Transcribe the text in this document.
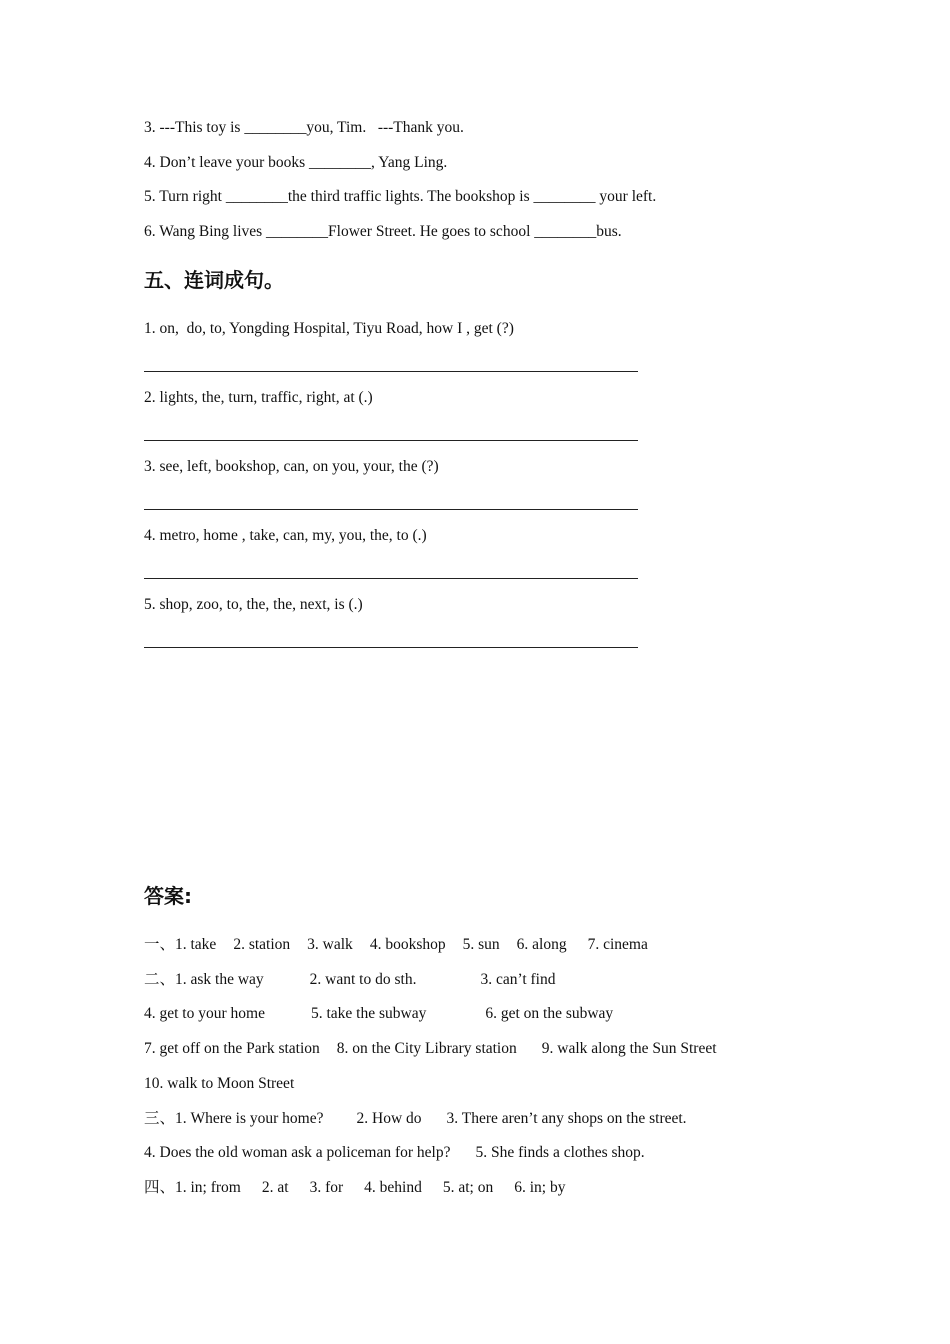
3. ---This toy is ________you, Tim.   ---Thank you.
4. Don’t leave your books ________, Yang Ling.
5. Turn right ________the third traffic lights. The bookshop is ________ your left.
6. Wang Bing lives ________Flower Street. He goes to school ________bus.
五、连词成句。
1. on,  do, to, Yongding Hospital, Tiyu Road, how I , get (?)
2. lights, the, turn, traffic, right, at (.)
3. see, left, bookshop, can, on you, your, the (?)
4. metro, home , take, can, my, you, the, to (.)
5. shop, zoo, to, the, the, next, is (.)
答案:
一、1. take 2. station 3. walk 4. bookshop 5. sun 6. along 7. cinema
二、1. ask the way	2. want to do sth.	3. can’t find
4. get to your home	5. take the subway	6. get on the subway
7. get off on the Park station 8. on the City Library station 9. walk along the Sun Street
10. walk to Moon Street
三、1. Where is your home? 2. How do 3. There aren’t any shops on the street.
4. Does the old woman ask a policeman for help? 5. She finds a clothes shop.
四、1. in; from 2. at 3. for 4. behind 5. at; on 6. in; by
